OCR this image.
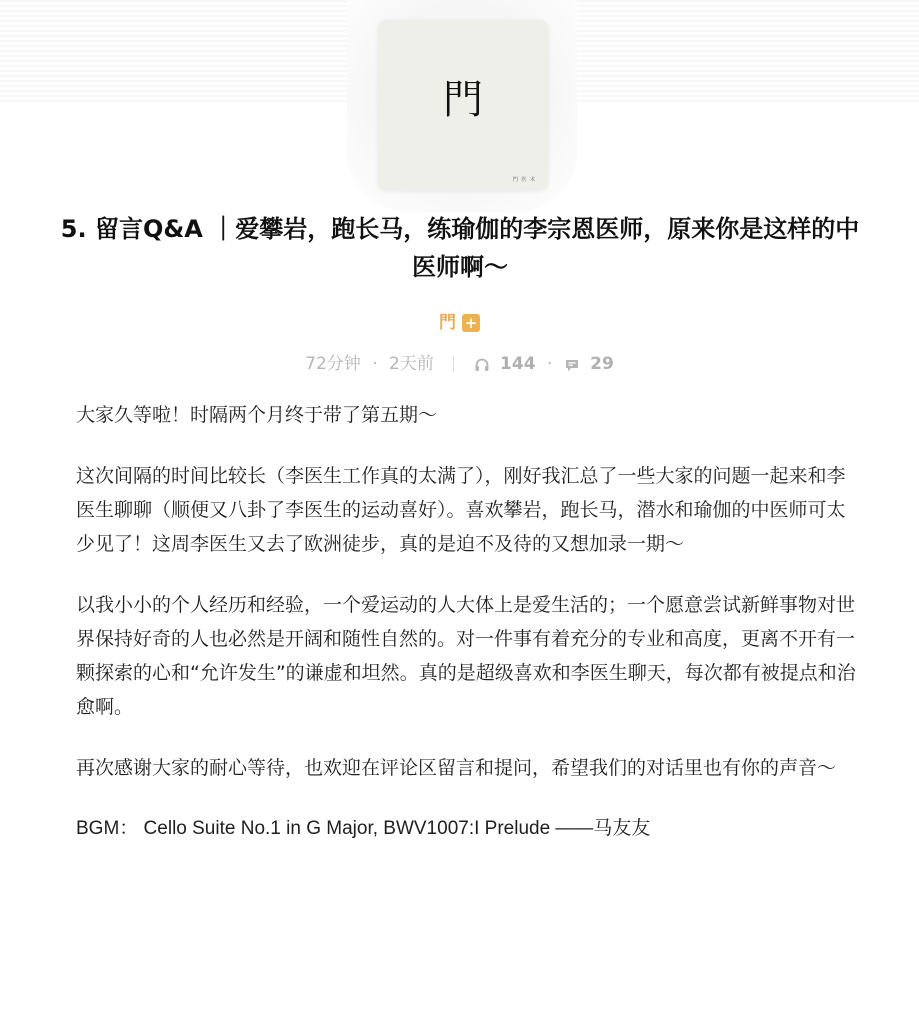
門
門 医 术
5. 留言Q&A ｜爱攀岩，跑长马，练瑜伽的李宗恩医师，原来你是这样的中医师啊～
門 +
72分钟 · 2天前	144 · 29

大家久等啦！时隔两个月终于带了第五期～

这次间隔的时间比较长（李医生工作真的太满了），刚好我汇总了一些大家的问题一起来和李医生聊聊（顺便又八卦了李医生的运动喜好）。喜欢攀岩，跑长马，潜水和瑜伽的中医师可太少见了！这周李医生又去了欧洲徒步，真的是迫不及待的又想加录一期～

以我小小的个人经历和经验，一个爱运动的人大体上是爱生活的；一个愿意尝试新鲜事物对世界保持好奇的人也必然是开阔和随性自然的。对一件事有着充分的专业和高度，更离不开有一颗探索的心和“允许发生”的谦虚和坦然。真的是超级喜欢和李医生聊天，每次都有被提点和治愈啊。

再次感谢大家的耐心等待，也欢迎在评论区留言和提问，希望我们的对话里也有你的声音～

BGM： Cello Suite No.1 in G Major, BWV1007:I Prelude ——马友友
